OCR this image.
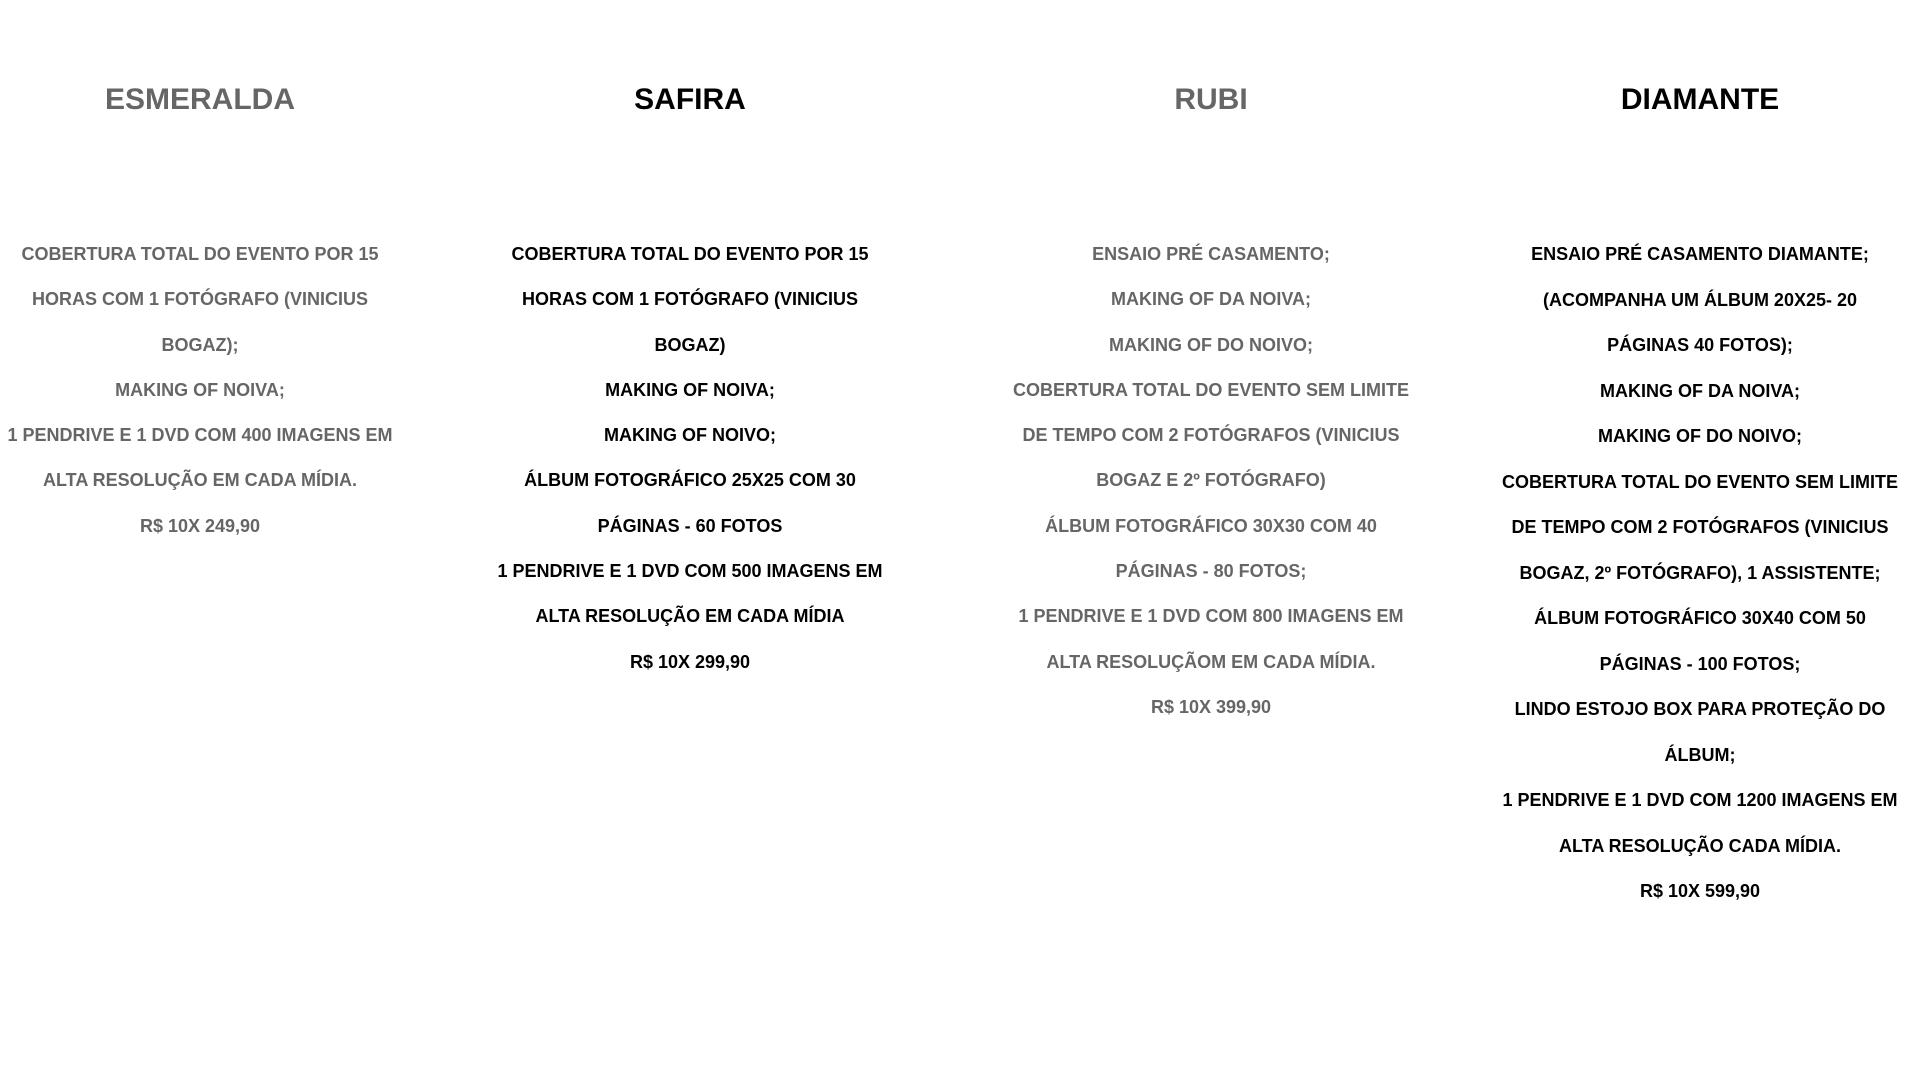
ESMERALDA
COBERTURA TOTAL DO EVENTO POR 15
HORAS COM 1 FOTÓGRAFO (VINICIUS
BOGAZ);
MAKING OF NOIVA;
1 PENDRIVE E 1 DVD COM 400 IMAGENS EM
ALTA RESOLUÇÃO EM CADA MÍDIA.
R$ 10X 249,90
SAFIRA
COBERTURA TOTAL DO EVENTO POR 15
HORAS COM 1 FOTÓGRAFO (VINICIUS
BOGAZ)
MAKING OF NOIVA;
MAKING OF NOIVO;
ÁLBUM FOTOGRÁFICO 25X25 COM 30
PÁGINAS - 60 FOTOS
1 PENDRIVE E 1 DVD COM 500 IMAGENS EM
ALTA RESOLUÇÃO EM CADA MÍDIA
R$ 10X 299,90
RUBI
ENSAIO PRÉ CASAMENTO;
MAKING OF DA NOIVA;
MAKING OF DO NOIVO;
COBERTURA TOTAL DO EVENTO SEM LIMITE
DE TEMPO COM 2 FOTÓGRAFOS (VINICIUS
BOGAZ E 2º FOTÓGRAFO)
ÁLBUM FOTOGRÁFICO 30X30 COM 40
PÁGINAS - 80 FOTOS;
1 PENDRIVE E 1 DVD COM 800 IMAGENS EM
ALTA RESOLUÇÃOM EM CADA MÍDIA.
R$ 10X 399,90
DIAMANTE
ENSAIO PRÉ CASAMENTO DIAMANTE;
(ACOMPANHA UM ÁLBUM 20X25- 20
PÁGINAS 40 FOTOS);
MAKING OF DA NOIVA;
MAKING OF DO NOIVO;
COBERTURA TOTAL DO EVENTO SEM LIMITE
DE TEMPO COM 2 FOTÓGRAFOS (VINICIUS
BOGAZ, 2º FOTÓGRAFO), 1 ASSISTENTE;
ÁLBUM FOTOGRÁFICO 30X40 COM 50
PÁGINAS - 100 FOTOS;
LINDO ESTOJO BOX PARA PROTEÇÃO DO
ÁLBUM;
1 PENDRIVE E 1 DVD COM 1200 IMAGENS EM
ALTA RESOLUÇÃO CADA MÍDIA.
R$ 10X 599,90
